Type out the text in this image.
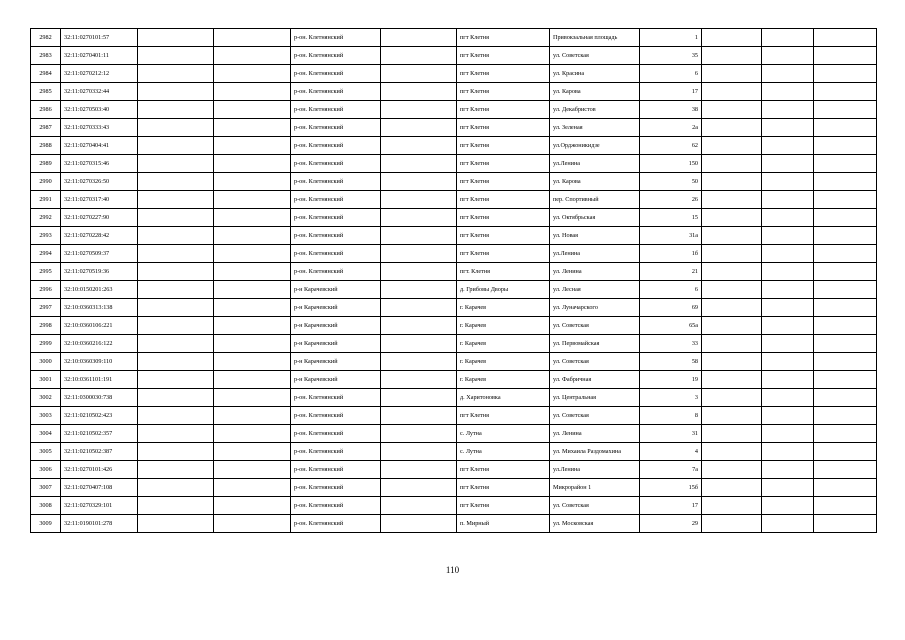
2982	32:11:0270101:57			р-он. Клетнянский		пгт Клетня	Привокзальная площадь	1			
2983	32:11:0270401:11			р-он. Клетнянский		пгт Клетня	ул. Советская	35			
2984	32:11:0270212:12			р-он. Клетнянский		пгт Клетня	ул. Красина	6			
2985	32:11:0270332:44			р-он. Клетнянский		пгт Клетня	ул. Карова	17			
2986	32:11:0270503:40			р-он. Клетнянский		пгт Клетня	ул. Декабристов	38			
2987	32:11:0270333:43			р-он. Клетнянский		пгт Клетня	ул. Зеленая	2а			
2988	32:11:0270404:41			р-он. Клетнянский		пгт Клетня	ул.Орджоникидзе	62			
2989	32:11:0270315:46			р-он. Клетнянский		пгт Клетня	ул.Ленина	150			
2990	32:11:0270326:50			р-он. Клетнянский		пгт Клетня	ул. Карова	50			
2991	32:11:0270317:40			р-он. Клетнянский		пгт Клетня	пер. Спортивный	26			
2992	32:11:0270227:90			р-он. Клетнянский		пгт Клетня	ул. Октябрьская	15			
2993	32:11:0270228:42			р-он. Клетнянский		пгт Клетня	ул. Новая	31а			
2994	32:11:0270509:37			р-он. Клетнянский		пгт Клетня	ул.Ленина	1б			
2995	32:11:0270519:36			р-он. Клетнянский		пгт. Клетня	ул. Ленина	21			
2996	32:10:0150201:263			р-н Карачевский		д. Грибовы Дворы	ул. Лесная	6			
2997	32:10:0360313:138			р-н Карачевский		г. Карачев	ул. Луначарского	69			
2998	32:10:0360106:221			р-н Карачевский		г. Карачев	ул. Советская	65а			
2999	32:10:0360216:122			р-н Карачевский		г. Карачев	ул. Первомайская	33			
3000	32:10:0360309:110			р-н Карачевский		г. Карачев	ул. Советская	58			
3001	32:10:0361101:191			р-н Карачевский		г. Карачев	ул. Фабричная	19			
3002	32:11:0300030:738			р-он. Клетнянский		д. Харитоновка	ул. Центральная	3			
3003	32:11:0210502:423			р-он. Клетнянский		пгт Клетня	ул. Советская	8			
3004	32:11:0210502:357			р-он. Клетнянский		с. Лутна	ул. Ленина	31			
3005	32:11:0210502:387			р-он. Клетнянский		с. Лутна	ул. Михаила Раздомахина	4			
3006	32:11:0270101:426			р-он. Клетнянский		пгт Клетня	ул.Ленина	7а			
3007	32:11:0270407:108			р-он. Клетнянский		пгт Клетня	Микрорайон 1	15б			
3008	32:11:0270329:101			р-он. Клетнянский		пгт Клетня	ул. Советская	17			
3009	32:11:0190101:278			р-он. Клетнянский		п. Мирный	ул. Московская	29			
110
